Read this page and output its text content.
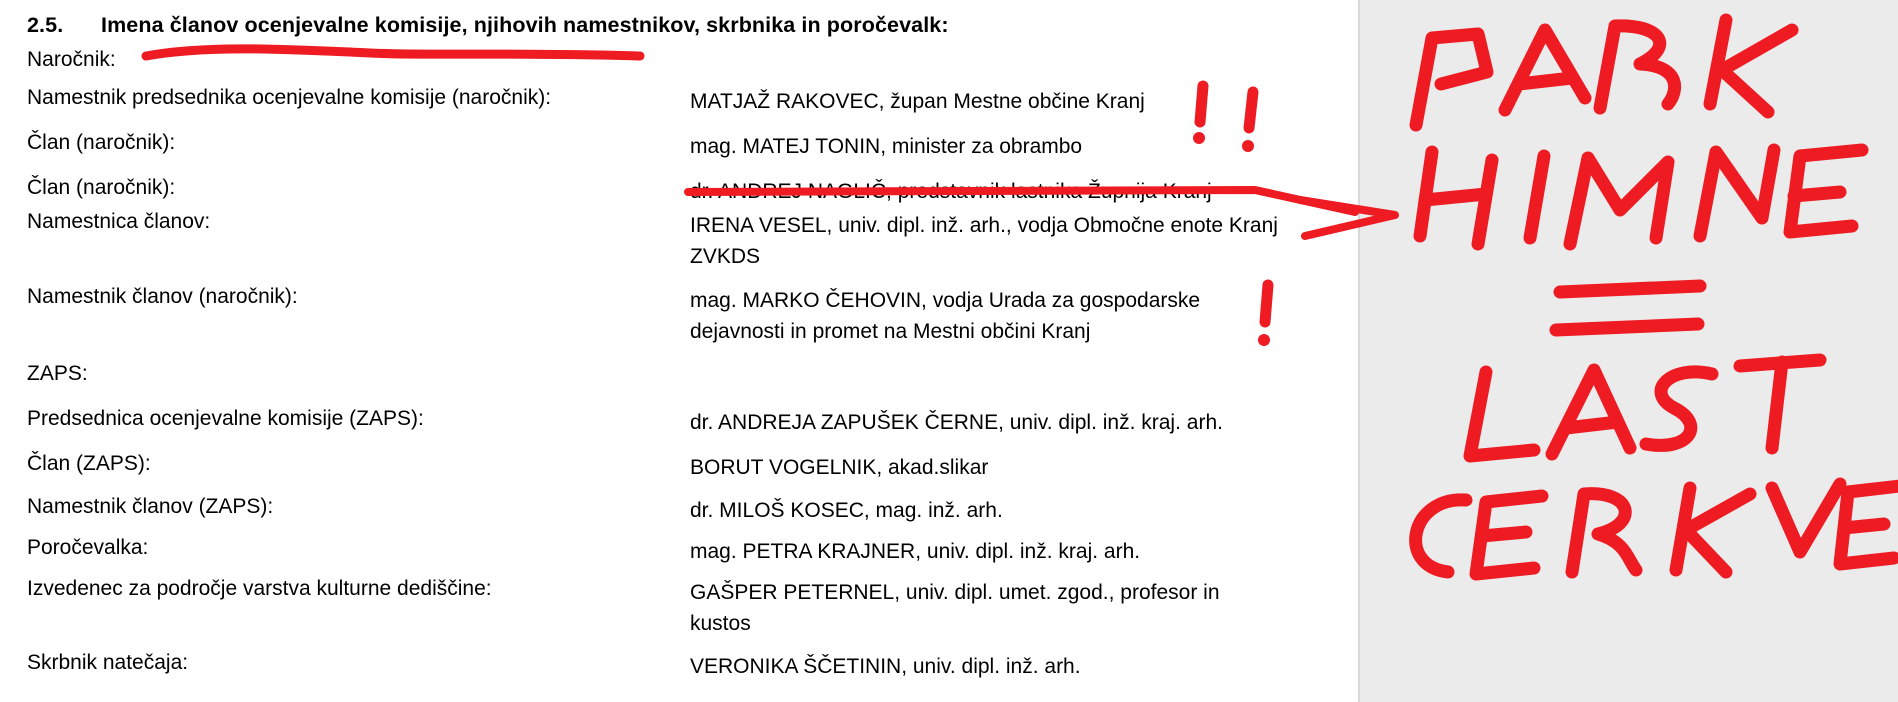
2.5. Imena članov ocenjevalne komisije, njihovih namestnikov, skrbnika in poročevalk:
Naročnik:
Namestnik predsednika ocenjevalne komisije (naročnik):	MATJAŽ RAKOVEC, župan Mestne občine Kranj
Član (naročnik):	mag. MATEJ TONIN, minister za obrambo
Član (naročnik):	dr. ANDREJ NAGLIČ, predstavnik lastnika Župnija Kranj
Namestnica članov:	IRENA VESEL, univ. dipl. inž. arh., vodja Območne enote Kranj ZVKDS
Namestnik članov (naročnik):	mag. MARKO ČEHOVIN, vodja Urada za gospodarske dejavnosti in promet na Mestni občini Kranj
ZAPS:
Predsednica ocenjevalne komisije (ZAPS):	dr. ANDREJA ZAPUŠEK ČERNE, univ. dipl. inž. kraj. arh.
Član (ZAPS):	BORUT VOGELNIK, akad.slikar
Namestnik članov (ZAPS):	dr. MILOŠ KOSEC, mag. inž. arh.
Poročevalka:	mag. PETRA KRAJNER, univ. dipl. inž. kraj. arh.
Izvedenec za področje varstva kulturne dediščine:	GAŠPER PETERNEL, univ. dipl. umet. zgod., profesor in kustos
Skrbnik natečaja:	VERONIKA ŠČETININ, univ. dipl. inž. arh.
